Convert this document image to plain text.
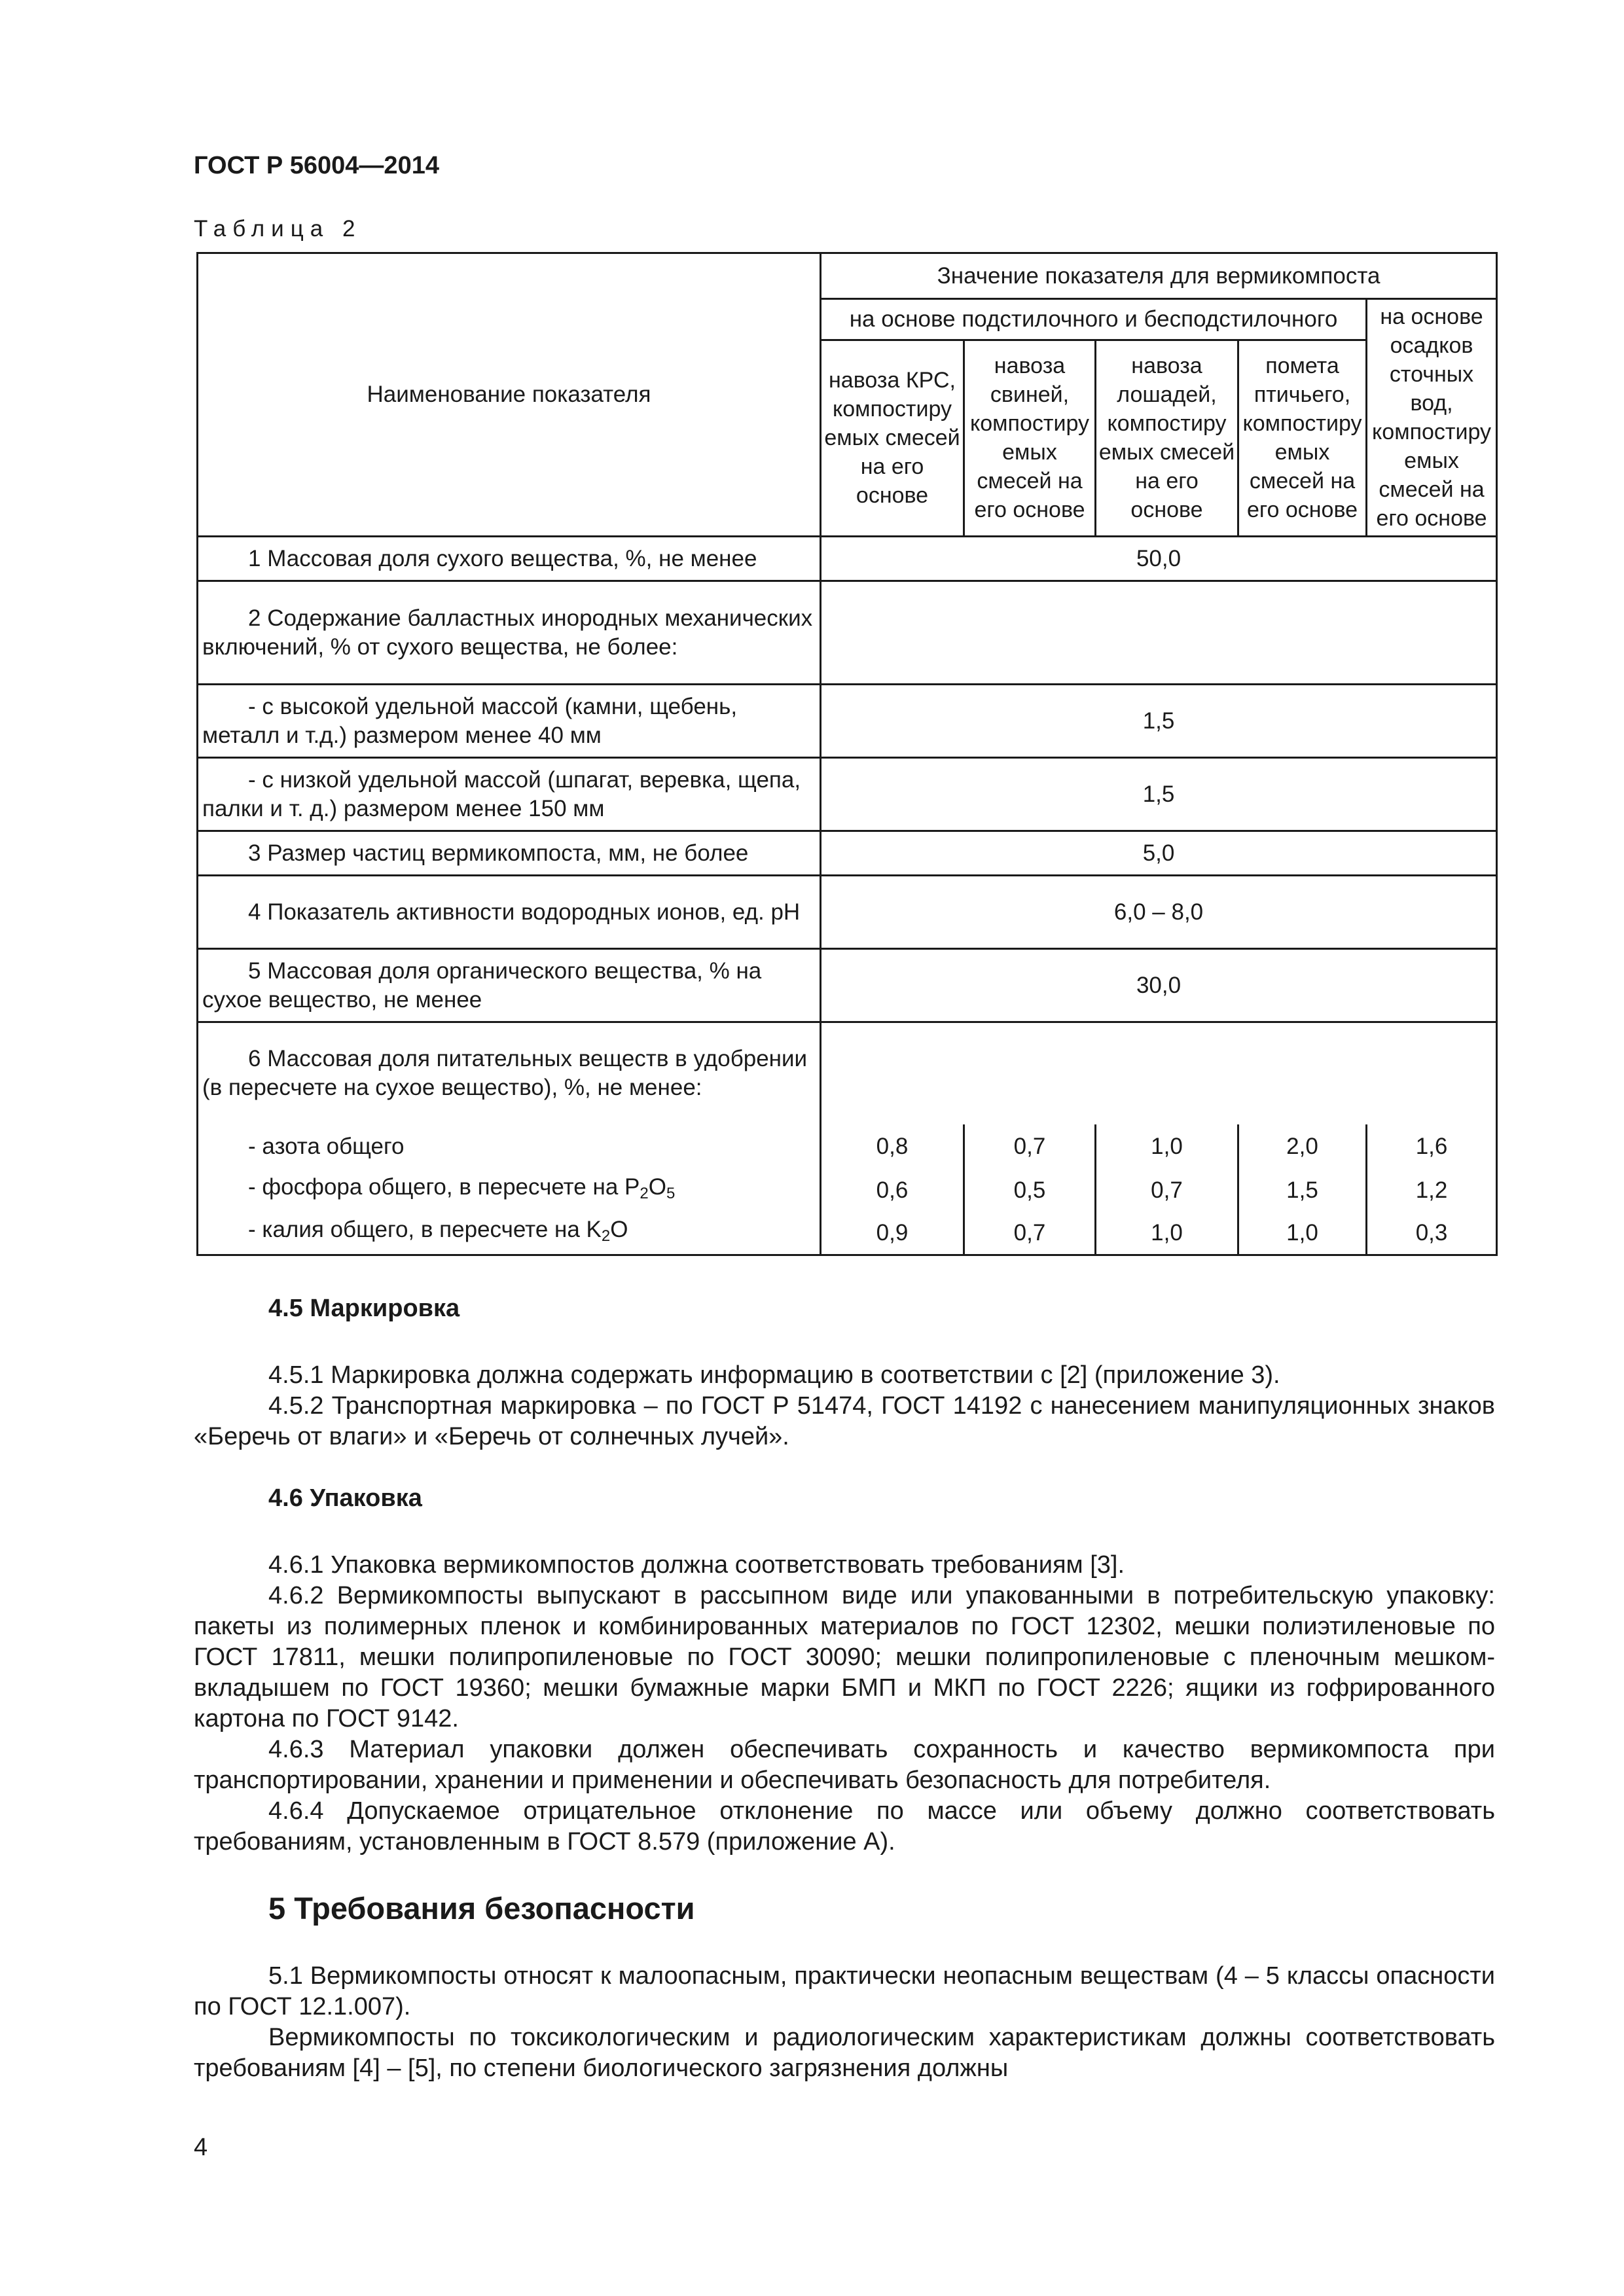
ГОСТ Р 56004—2014
Таблица 2
Наименование показателя	Значение показателя для вермикомпоста				
	на основе подстилочного и бесподстилочного				на основе осадков сточных вод, компостиру емых смесей на его основе
	навоза КРС, компостиру емых смесей на его основе	навоза свиней, компостиру емых смесей на его основе	навоза лошадей, компостиру емых смесей на его основе	помета птичьего, компостиру емых смесей на его основе	
1 Массовая доля сухого вещества, %, не менее	50,0				
2 Содержание балластных инородных механических включений, % от сухого вещества, не более:					
- с высокой удельной массой (камни, щебень, металл и т.д.) размером менее 40 мм	1,5				
- с низкой удельной массой (шпагат, веревка, щепа, палки и т. д.) размером менее 150 мм	1,5				
3 Размер частиц вермикомпоста, мм, не более	5,0				
4 Показатель активности водородных ионов, ед. pH	6,0 – 8,0				
5 Массовая доля органического вещества, % на сухое вещество, не менее	30,0				
6 Массовая доля питательных веществ в удобрении (в пересчете на сухое вещество), %, не менее:					
- азота общего	0,8	0,7	1,0	2,0	1,6
- фосфора общего, в пересчете на $P_2O_5$	0,6	0,5	0,7	1,5	1,2
- калия общего, в пересчете на $K_2O$	0,9	0,7	1,0	1,0	0,3
4.5 Маркировка
4.5.1 Маркировка должна содержать информацию в соответствии с [2] (приложение 3).
4.5.2 Транспортная маркировка – по ГОСТ Р 51474, ГОСТ 14192 с нанесением манипуляционных знаков «Беречь от влаги» и «Беречь от солнечных лучей».
4.6 Упаковка
4.6.1 Упаковка вермикомпостов должна соответствовать требованиям [3].
4.6.2 Вермикомпосты выпускают в рассыпном виде или упакованными в потребительскую упаковку: пакеты из полимерных пленок и комбинированных материалов по ГОСТ 12302, мешки полиэтиленовые по ГОСТ 17811, мешки полипропиленовые по ГОСТ 30090; мешки полипропиленовые с пленочным мешком-вкладышем по ГОСТ 19360; мешки бумажные марки БМП и МКП по ГОСТ 2226; ящики из гофрированного картона по ГОСТ 9142.
4.6.3 Материал упаковки должен обеспечивать сохранность и качество вермикомпоста при транспортировании, хранении и применении и обеспечивать безопасность для потребителя.
4.6.4 Допускаемое отрицательное отклонение по массе или объему должно соответствовать требованиям, установленным в ГОСТ 8.579 (приложение А).
5 Требования безопасности
5.1 Вермикомпосты относят к малоопасным, практически неопасным веществам (4 – 5 классы опасности по ГОСТ 12.1.007).
Вермикомпосты по токсикологическим и радиологическим характеристикам должны соответствовать требованиям [4] – [5], по степени биологического загрязнения должны
4
